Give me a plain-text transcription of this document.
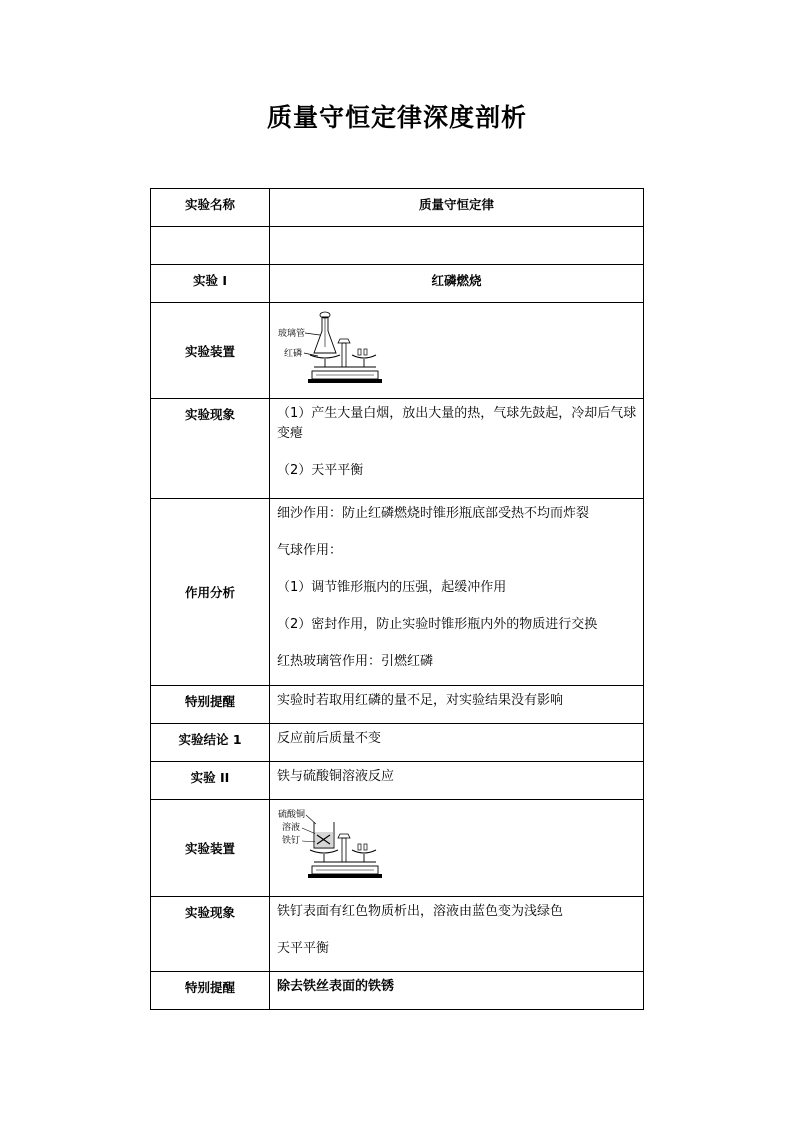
质量守恒定律深度剖析
实验名称	质量守恒定律

实验 I	红磷燃烧

实验装置	玻璃管
红磷

实验现象	（1）产生大量白烟，放出大量的热，气球先鼓起，冷却后气球变瘪

（2）天平平衡

作用分析	细沙作用：防止红磷燃烧时锥形瓶底部受热不均而炸裂

气球作用：

（1）调节锥形瓶内的压强，起缓冲作用

（2）密封作用，防止实验时锥形瓶内外的物质进行交换

红热玻璃管作用：引燃红磷

特别提醒	实验时若取用红磷的量不足，对实验结果没有影响

实验结论 1	反应前后质量不变

实验 II	铁与硫酸铜溶液反应

实验装置	硫酸铜
溶液
铁钉

实验现象	铁钉表面有红色物质析出，溶液由蓝色变为浅绿色

天平平衡

特别提醒	除去铁丝表面的铁锈
